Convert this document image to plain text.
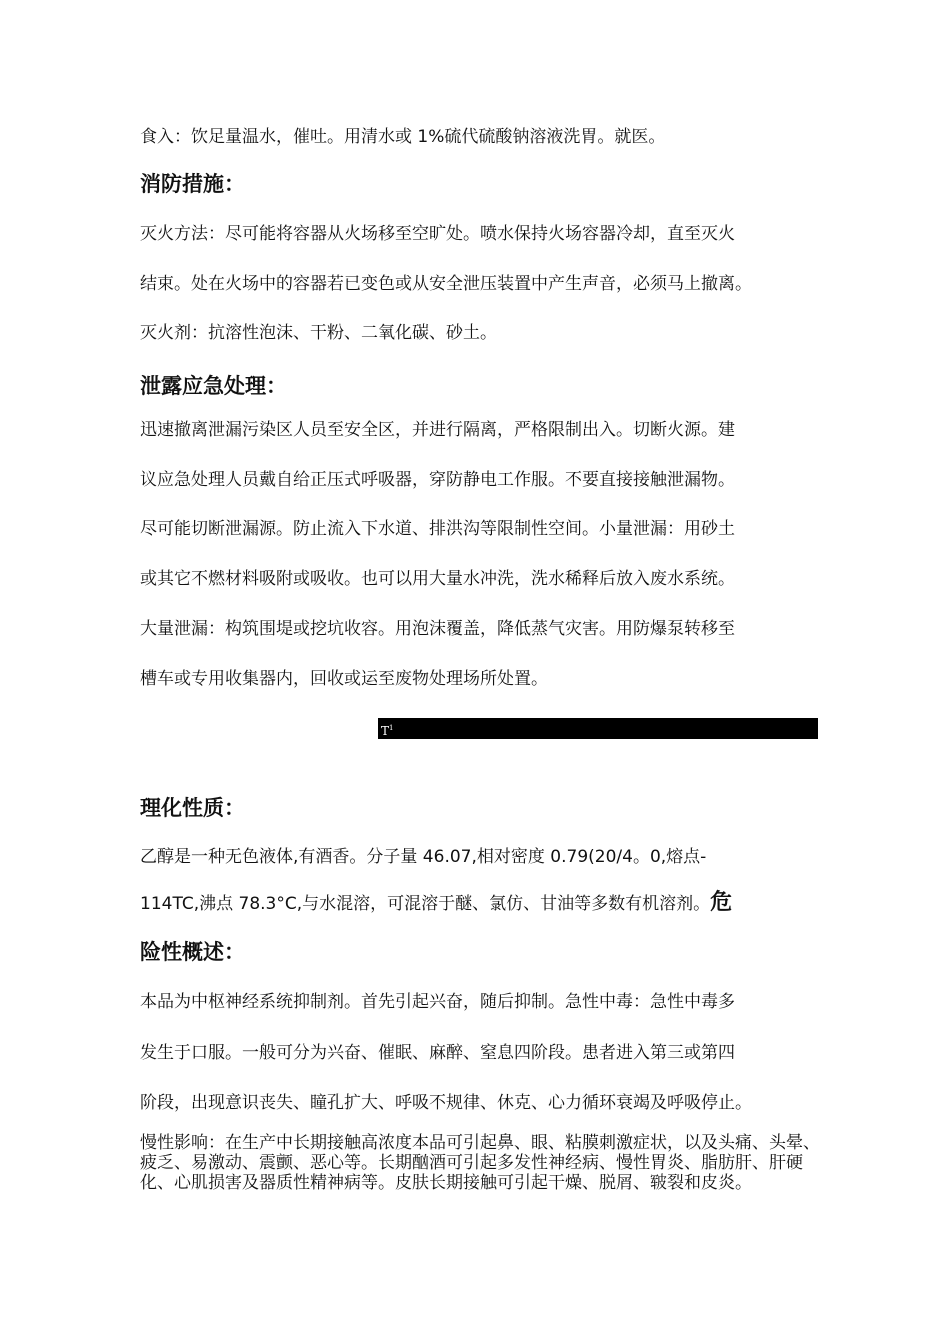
食入：饮足量温水，催吐。用清水或 1%硫代硫酸钠溶液洗胃。就医。

消防措施：

灭火方法：尽可能将容器从火场移至空旷处。喷水保持火场容器冷却，直至灭火

结束。处在火场中的容器若已变色或从安全泄压装置中产生声音，必须马上撤离。

灭火剂：抗溶性泡沫、干粉、二氧化碳、砂土。

泄露应急处理：

迅速撤离泄漏污染区人员至安全区，并进行隔离，严格限制出入。切断火源。建

议应急处理人员戴自给正压式呼吸器，穿防静电工作服。不要直接接触泄漏物。

尽可能切断泄漏源。防止流入下水道、排洪沟等限制性空间。小量泄漏：用砂土

或其它不燃材料吸附或吸收。也可以用大量水冲洗，洗水稀释后放入废水系统。

大量泄漏：构筑围堤或挖坑收容。用泡沫覆盖，降低蒸气灾害。用防爆泵转移至

槽车或专用收集器内，回收或运至废物处理场所处置。

$T^1$
理化性质：

乙醇是一种无色液体,有酒香。分子量 46.07,相对密度 0.79(20/4。0,熔点-

114TC,沸点 78.3°C,与水混溶，可混溶于醚、氯仿、甘油等多数有机溶剂。危

险性概述：

本品为中枢神经系统抑制剂。首先引起兴奋，随后抑制。急性中毒：急性中毒多

发生于口服。一般可分为兴奋、催眠、麻醉、窒息四阶段。患者进入第三或第四

阶段，出现意识丧失、瞳孔扩大、呼吸不规律、休克、心力循环衰竭及呼吸停止。

慢性影响：在生产中长期接触高浓度本品可引起鼻、眼、粘膜刺激症状，以及头痛、头晕、疲乏、易激动、震颤、恶心等。长期酗酒可引起多发性神经病、慢性胃炎、脂肪肝、肝硬化、心肌损害及器质性精神病等。皮肤长期接触可引起干燥、脱屑、皲裂和皮炎。
